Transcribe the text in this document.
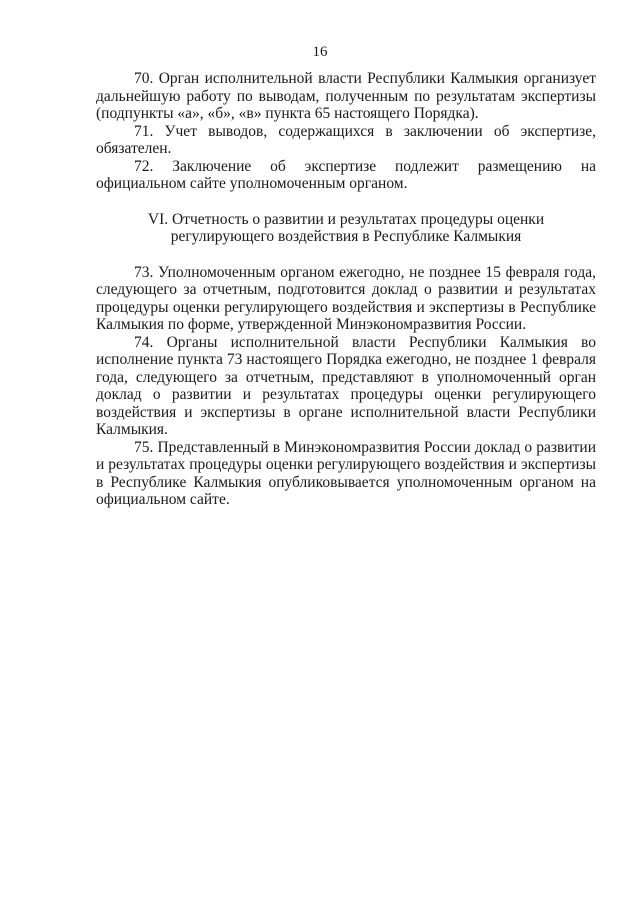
16

70. Орган исполнительной власти Республики Калмыкия организует дальнейшую работу по выводам, полученным по результатам экспертизы (подпункты «а», «б», «в» пункта 65 настоящего Порядка).

71. Учет выводов, содержащихся в заключении об экспертизе, обязателен.

72. Заключение об экспертизе подлежит размещению на официальном сайте уполномоченным органом.

VI. Отчетность о развитии и результатах процедуры оценки регулирующего воздействия в Республике Калмыкия

73. Уполномоченным органом ежегодно, не позднее 15 февраля года, следующего за отчетным, подготовится доклад о развитии и результатах процедуры оценки регулирующего воздействия и экспертизы в Республике Калмыкия по форме, утвержденной Минэкономразвития России.

74. Органы исполнительной власти Республики Калмыкия во исполнение пункта 73 настоящего Порядка ежегодно, не позднее 1 февраля года, следующего за отчетным, представляют в уполномоченный орган доклад о развитии и результатах процедуры оценки регулирующего воздействия и экспертизы в органе исполнительной власти Республики Калмыкия.

75. Представленный в Минэкономразвития России доклад о развитии и результатах процедуры оценки регулирующего воздействия и экспертизы в Республике Калмыкия опубликовывается уполномоченным органом на официальном сайте.
